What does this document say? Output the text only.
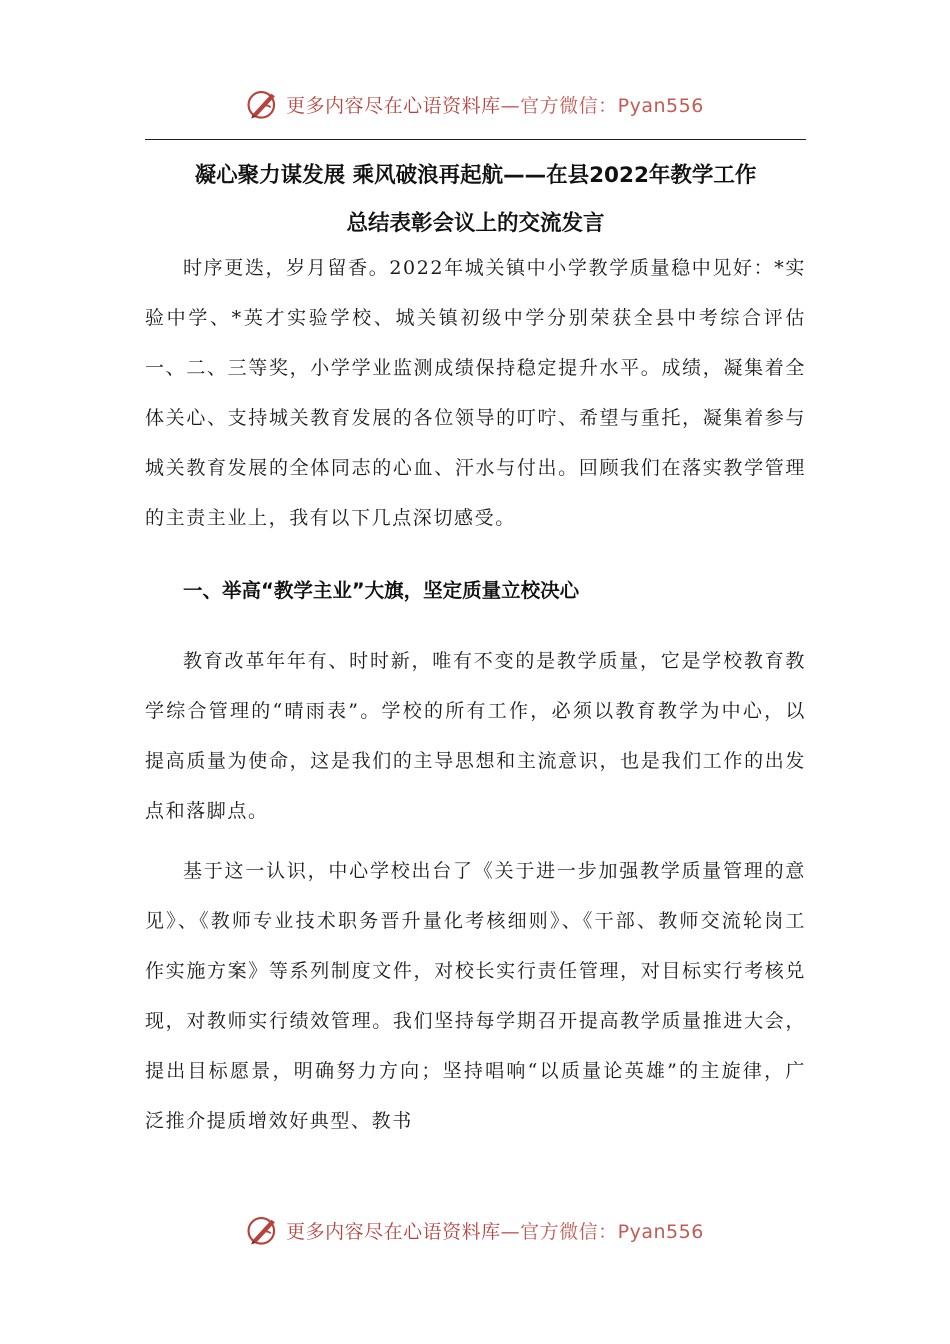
更多内容尽在心语资料库—官方微信：Pyan556
凝心聚力谋发展 乘风破浪再起航——在县2022年教学工作
总结表彰会议上的交流发言

时序更迭，岁月留香。2022年城关镇中小学教学质量稳中见好：*实验中学、*英才实验学校、城关镇初级中学分别荣获全县中考综合评估一、二、三等奖，小学学业监测成绩保持稳定提升水平。成绩，凝集着全体关心、支持城关教育发展的各位领导的叮咛、希望与重托，凝集着参与城关教育发展的全体同志的心血、汗水与付出。回顾我们在落实教学管理的主责主业上，我有以下几点深切感受。

一、举高“教学主业”大旗，坚定质量立校决心

教育改革年年有、时时新，唯有不变的是教学质量，它是学校教育教学综合管理的“晴雨表”。学校的所有工作，必须以教育教学为中心，以提高质量为使命，这是我们的主导思想和主流意识，也是我们工作的出发点和落脚点。

基于这一认识，中心学校出台了《关于进一步加强教学质量管理的意见》、《教师专业技术职务晋升量化考核细则》、《干部、教师交流轮岗工作实施方案》等系列制度文件，对校长实行责任管理，对目标实行考核兑现，对教师实行绩效管理。我们坚持每学期召开提高教学质量推进大会，提出目标愿景，明确努力方向；坚持唱响“以质量论英雄”的主旋律，广泛推介提质增效好典型、教书

更多内容尽在心语资料库—官方微信：Pyan556
